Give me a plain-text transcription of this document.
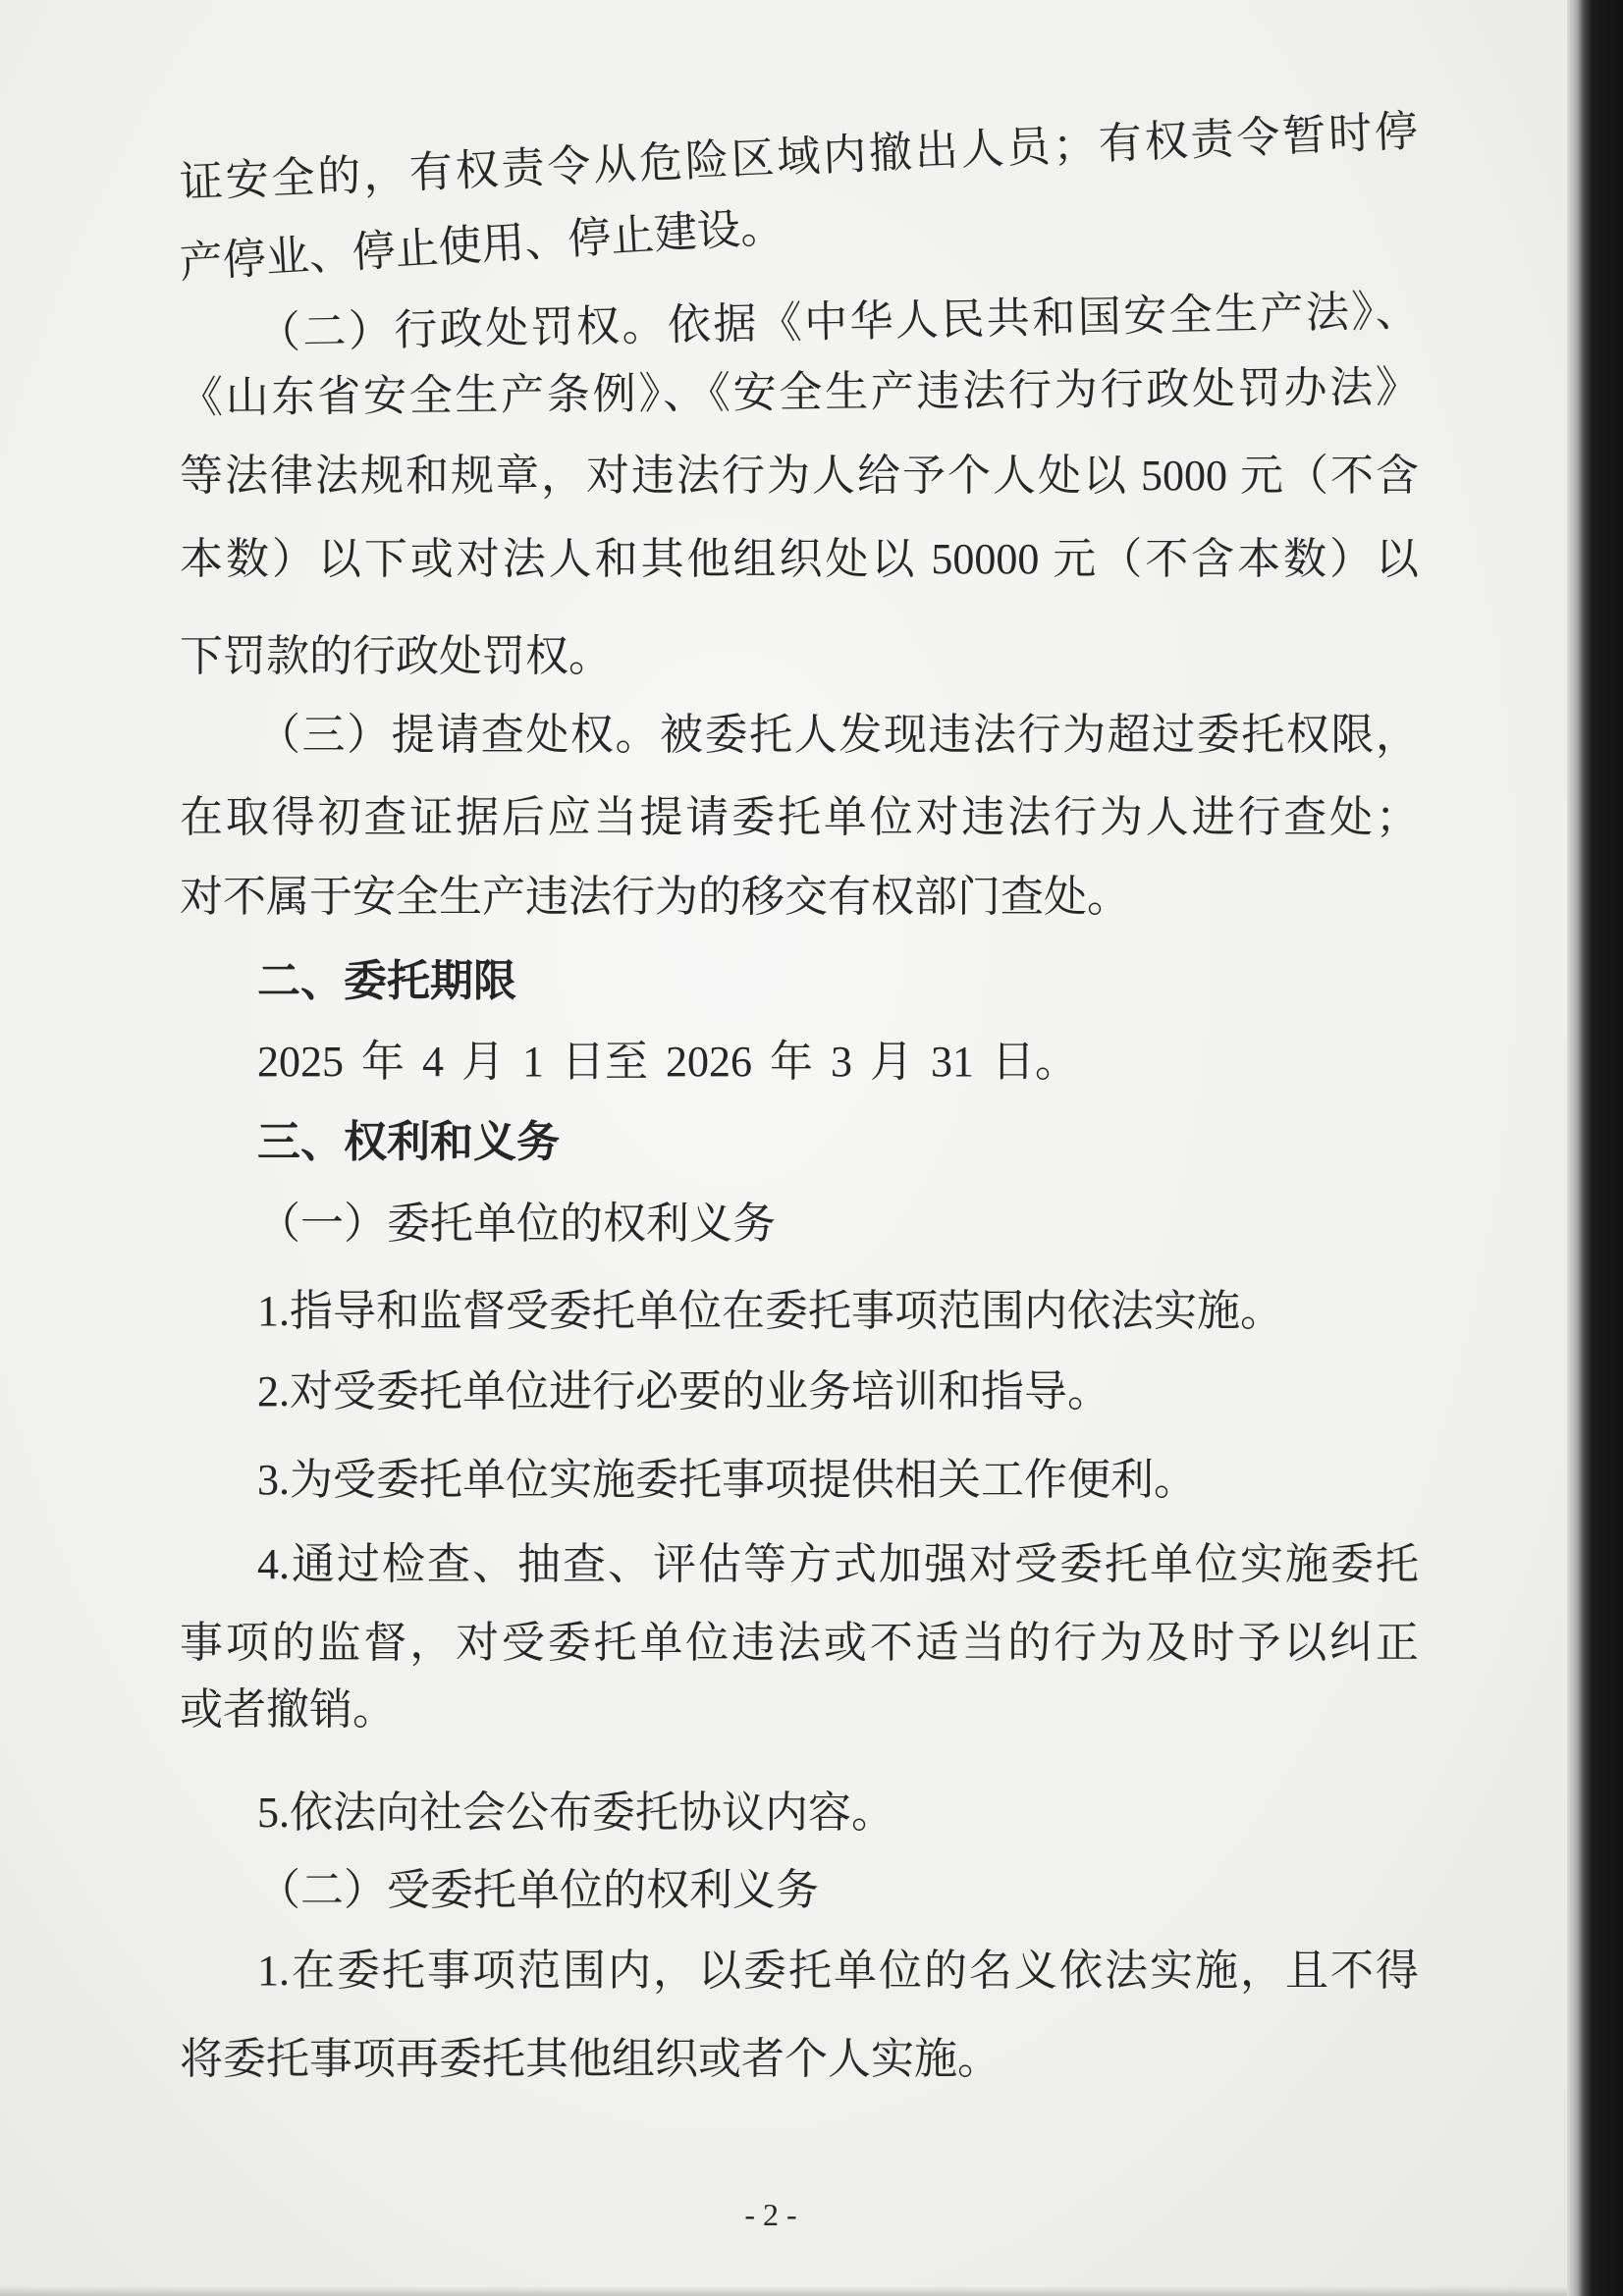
证安全的，有权责令从危险区域内撤出人员；有权责令暂时停
产停业、停止使用、停止建设。
（二）行政处罚权。依据《中华人民共和国安全生产法》、
《山东省安全生产条例》、《安全生产违法行为行政处罚办法》
等法律法规和规章，对违法行为人给予个人处以 5000 元（不含
本数）以下或对法人和其他组织处以 50000 元（不含本数）以
下罚款的行政处罚权。
（三）提请查处权。被委托人发现违法行为超过委托权限，
在取得初查证据后应当提请委托单位对违法行为人进行查处；
对不属于安全生产违法行为的移交有权部门查处。
二、委托期限
2025 年 4 月 1 日至 2026 年 3 月 31 日。
三、权利和义务
（一）委托单位的权利义务
1.指导和监督受委托单位在委托事项范围内依法实施。
2.对受委托单位进行必要的业务培训和指导。
3.为受委托单位实施委托事项提供相关工作便利。
4.通过检查、抽查、评估等方式加强对受委托单位实施委托
事项的监督，对受委托单位违法或不适当的行为及时予以纠正
或者撤销。
5.依法向社会公布委托协议内容。
（二）受委托单位的权利义务
1.在委托事项范围内，以委托单位的名义依法实施，且不得
将委托事项再委托其他组织或者个人实施。
- 2 -
